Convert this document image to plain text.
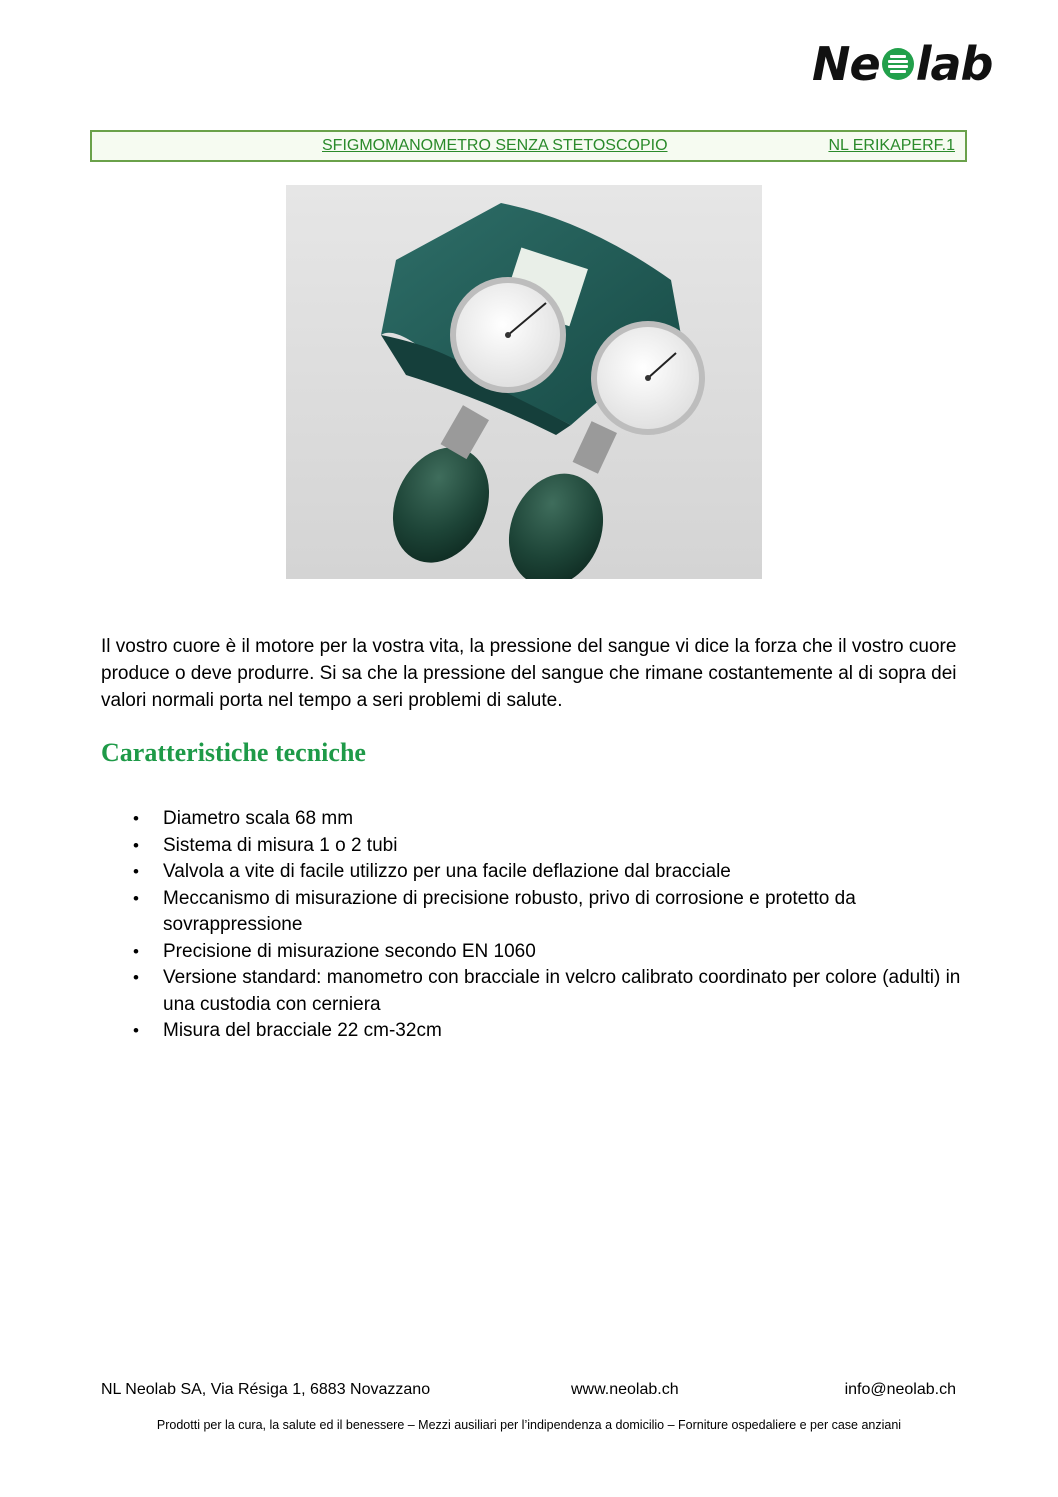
Ne lab
SFIGMOMANOMETRO SENZA STETOSCOPIO	NL ERIKAPERF.1

Il vostro cuore è il motore per la vostra vita, la pressione del sangue vi dice la forza che il vostro cuore produce o deve produrre. Si sa che la pressione del sangue che rimane costantemente al di sopra dei valori normali porta nel tempo a seri problemi di salute.

Caratteristiche tecniche
• Diametro scala 68 mm
• Sistema di misura 1 o 2 tubi
• Valvola a vite di facile utilizzo per una facile deflazione dal bracciale
• Meccanismo di misurazione di precisione robusto, privo di corrosione e protetto da sovrappressione
• Precisione di misurazione secondo EN 1060
• Versione standard: manometro con bracciale in velcro calibrato coordinato per colore (adulti) in una custodia con cerniera
• Misura del bracciale 22 cm-32cm
NL Neolab SA, Via Résiga 1, 6883 Novazzano	www.neolab.ch	info@neolab.ch
Prodotti per la cura, la salute ed il benessere – Mezzi ausiliari per l’indipendenza a domicilio – Forniture ospedaliere e per case anziani
